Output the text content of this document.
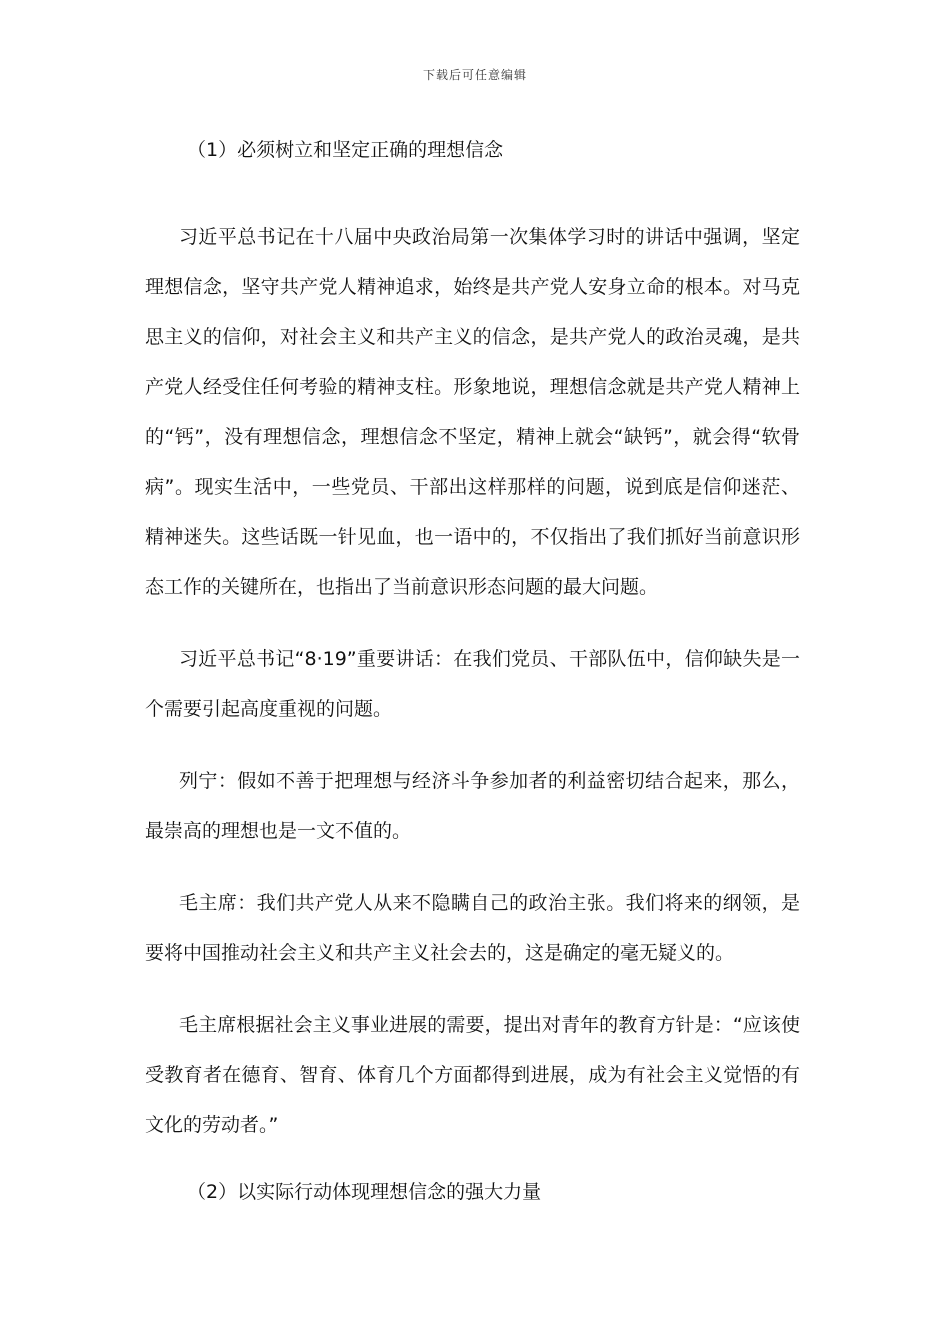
下载后可任意编辑
（1）必须树立和坚定正确的理想信念

习近平总书记在十八届中央政治局第一次集体学习时的讲话中强调，坚定理想信念，坚守共产党人精神追求，始终是共产党人安身立命的根本。对马克思主义的信仰，对社会主义和共产主义的信念，是共产党人的政治灵魂，是共产党人经受住任何考验的精神支柱。形象地说，理想信念就是共产党人精神上的“钙”，没有理想信念，理想信念不坚定，精神上就会“缺钙”，就会得“软骨病”。现实生活中，一些党员、干部出这样那样的问题，说到底是信仰迷茫、精神迷失。这些话既一针见血，也一语中的，不仅指出了我们抓好当前意识形态工作的关键所在，也指出了当前意识形态问题的最大问题。

习近平总书记“8·19”重要讲话：在我们党员、干部队伍中，信仰缺失是一个需要引起高度重视的问题。

列宁：假如不善于把理想与经济斗争参加者的利益密切结合起来，那么，最崇高的理想也是一文不值的。

毛主席：我们共产党人从来不隐瞒自己的政治主张。我们将来的纲领，是要将中国推动社会主义和共产主义社会去的，这是确定的毫无疑义的。

毛主席根据社会主义事业进展的需要，提出对青年的教育方针是：“应该使受教育者在德育、智育、体育几个方面都得到进展，成为有社会主义觉悟的有文化的劳动者。”

（2）以实际行动体现理想信念的强大力量
